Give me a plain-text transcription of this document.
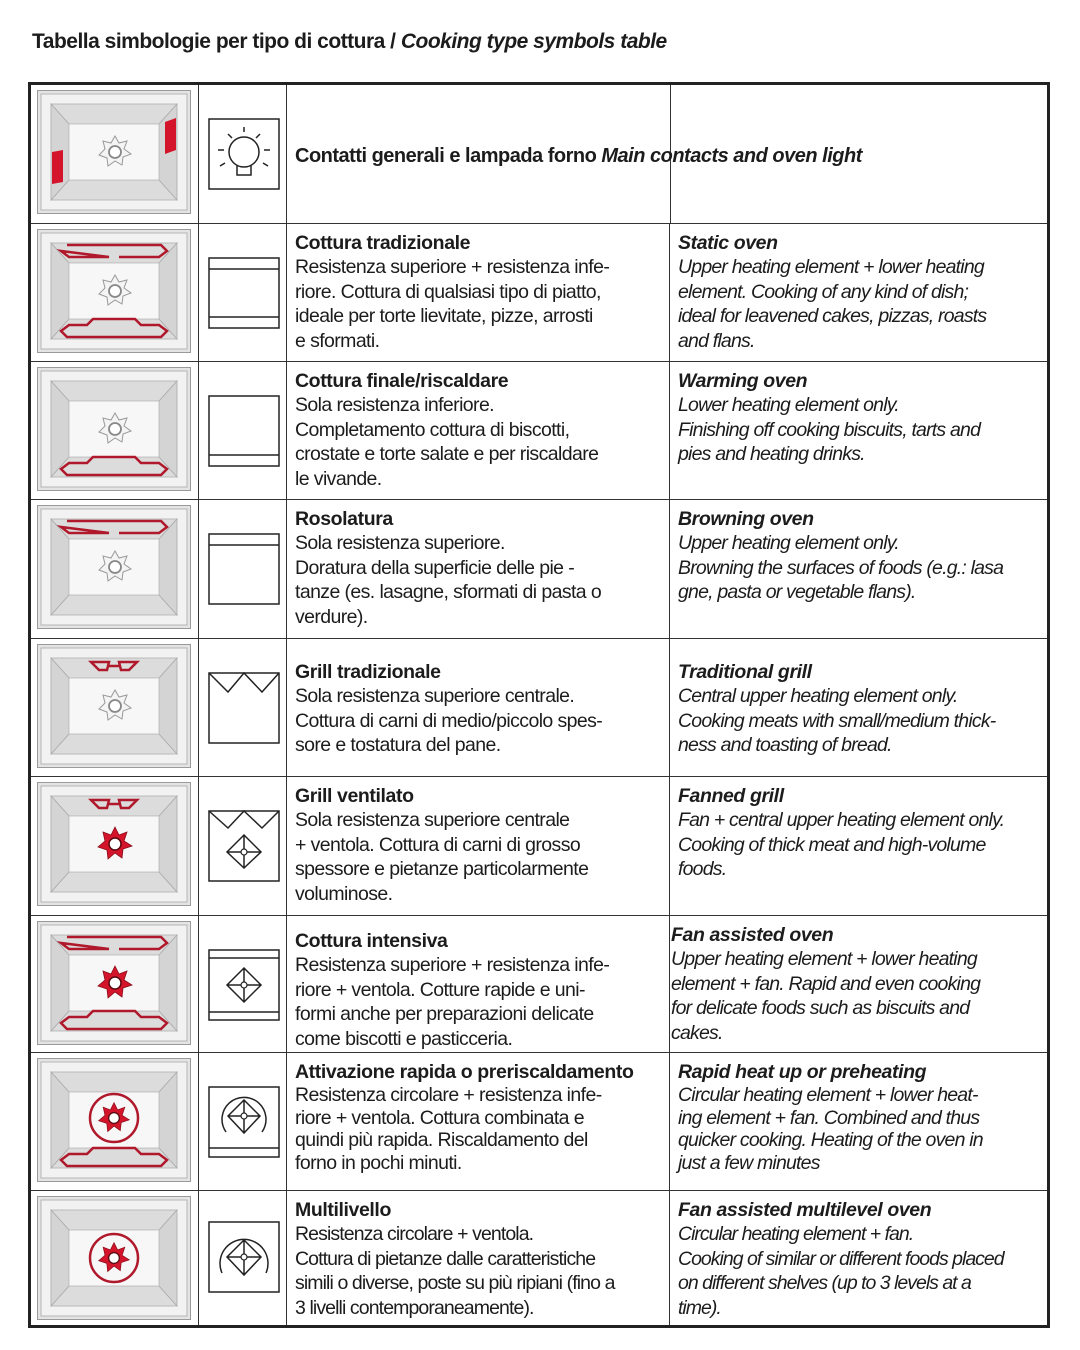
Tabella simbologie per tipo di cottura / Cooking type symbols table
Contatti generali e lampada forno Main contacts and oven light
Cottura tradizionale
Resistenza superiore + resistenza infe-
riore. Cottura di qualsiasi tipo di piatto,
ideale per torte lievitate, pizze, arrosti
e sformati.
Static oven
Upper heating element + lower heating
element. Cooking of any kind of dish;
ideal for leavened cakes, pizzas, roasts
and flans.
Cottura finale/riscaldare
Sola resistenza inferiore.
Completamento cottura di biscotti,
crostate e torte salate e per riscaldare
le vivande.
Warming oven
Lower heating element only.
Finishing off cooking biscuits, tarts and
pies and heating drinks.
Rosolatura
Sola resistenza superiore.
Doratura della superficie delle pie -
tanze (es. lasagne, sformati di pasta o
verdure).
Browning oven
Upper heating element only.
Browning the surfaces of foods (e.g.: lasa
gne, pasta or vegetable flans).
Grill tradizionale
Sola resistenza superiore centrale.
Cottura di carni di medio/piccolo spes-
sore e tostatura del pane.
Traditional grill
Central upper heating element only.
Cooking meats with small/medium thick-
ness and toasting of bread.
Grill ventilato
Sola resistenza superiore centrale
+ ventola. Cottura di carni di grosso
spessore e pietanze particolarmente
voluminose.
Fanned grill
Fan + central upper heating element only.
Cooking of thick meat and high-volume
foods.
Cottura intensiva
Resistenza superiore + resistenza infe-
riore + ventola. Cotture rapide e uni-
formi anche per preparazioni delicate
come biscotti e pasticceria.
Fan assisted oven
Upper heating element + lower heating
element + fan. Rapid and even cooking
for delicate foods such as biscuits and
cakes.
Attivazione rapida o preriscaldamento
Resistenza circolare + resistenza infe-
riore + ventola. Cottura combinata e
quindi più rapida. Riscaldamento del
forno in pochi minuti.
Rapid heat up or preheating
Circular heating element + lower heat-
ing element + fan. Combined and thus
quicker cooking. Heating of the oven in
just a few minutes
Multilivello
Resistenza circolare + ventola.
Cottura di pietanze dalle caratteristiche
simili o diverse, poste su più ripiani (fino a
3 livelli contemporaneamente).
Fan assisted multilevel oven
Circular heating element + fan.
Cooking of similar or different foods placed
on different shelves (up to 3 levels at a
time).
